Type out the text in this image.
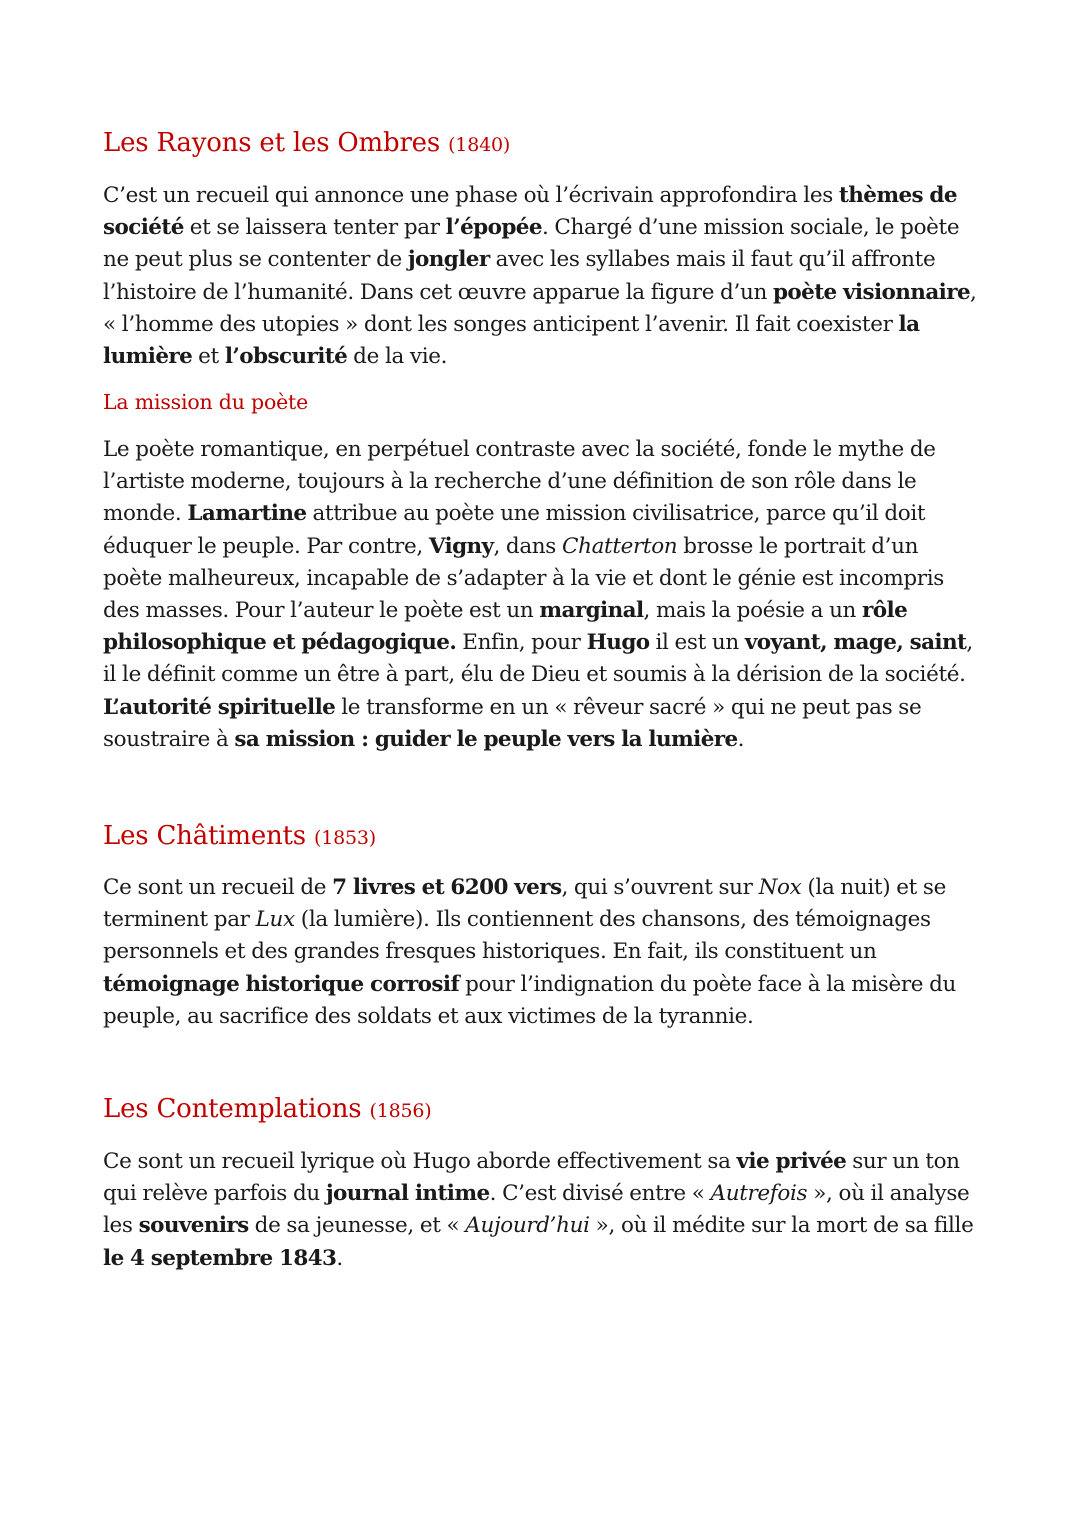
Les Rayons et les Ombres (1840)
C’est un recueil qui annonce une phase où l’écrivain approfondira les thèmes de société et se laissera tenter par l’épopée. Chargé d’une mission sociale, le poète ne peut plus se contenter de jongler avec les syllabes mais il faut qu’il affronte l’histoire de l’humanité. Dans cet œuvre apparue la figure d’un poète visionnaire, « l’homme des utopies » dont les songes anticipent l’avenir. Il fait coexister la lumière et l’obscurité de la vie.
La mission du poète
Le poète romantique, en perpétuel contraste avec la société, fonde le mythe de l’artiste moderne, toujours à la recherche d’une définition de son rôle dans le monde. Lamartine attribue au poète une mission civilisatrice, parce qu’il doit éduquer le peuple. Par contre, Vigny, dans Chatterton brosse le portrait d’un poète malheureux, incapable de s’adapter à la vie et dont le génie est incompris des masses. Pour l’auteur le poète est un marginal, mais la poésie a un rôle philosophique et pédagogique. Enfin, pour Hugo il est un voyant, mage, saint, il le définit comme un être à part, élu de Dieu et soumis à la dérision de la société. L’autorité spirituelle le transforme en un « rêveur sacré » qui ne peut pas se soustraire à sa mission : guider le peuple vers la lumière.
Les Châtiments (1853)
Ce sont un recueil de 7 livres et 6200 vers, qui s’ouvrent sur Nox (la nuit) et se terminent par Lux (la lumière). Ils contiennent des chansons, des témoignages personnels et des grandes fresques historiques. En fait, ils constituent un témoignage historique corrosif pour l’indignation du poète face à la misère du peuple, au sacrifice des soldats et aux victimes de la tyrannie.
Les Contemplations (1856)
Ce sont un recueil lyrique où Hugo aborde effectivement sa vie privée sur un ton qui relève parfois du journal intime. C’est divisé entre « Autrefois », où il analyse les souvenirs de sa jeunesse, et « Aujourd’hui », où il médite sur la mort de sa fille le 4 septembre 1843.
